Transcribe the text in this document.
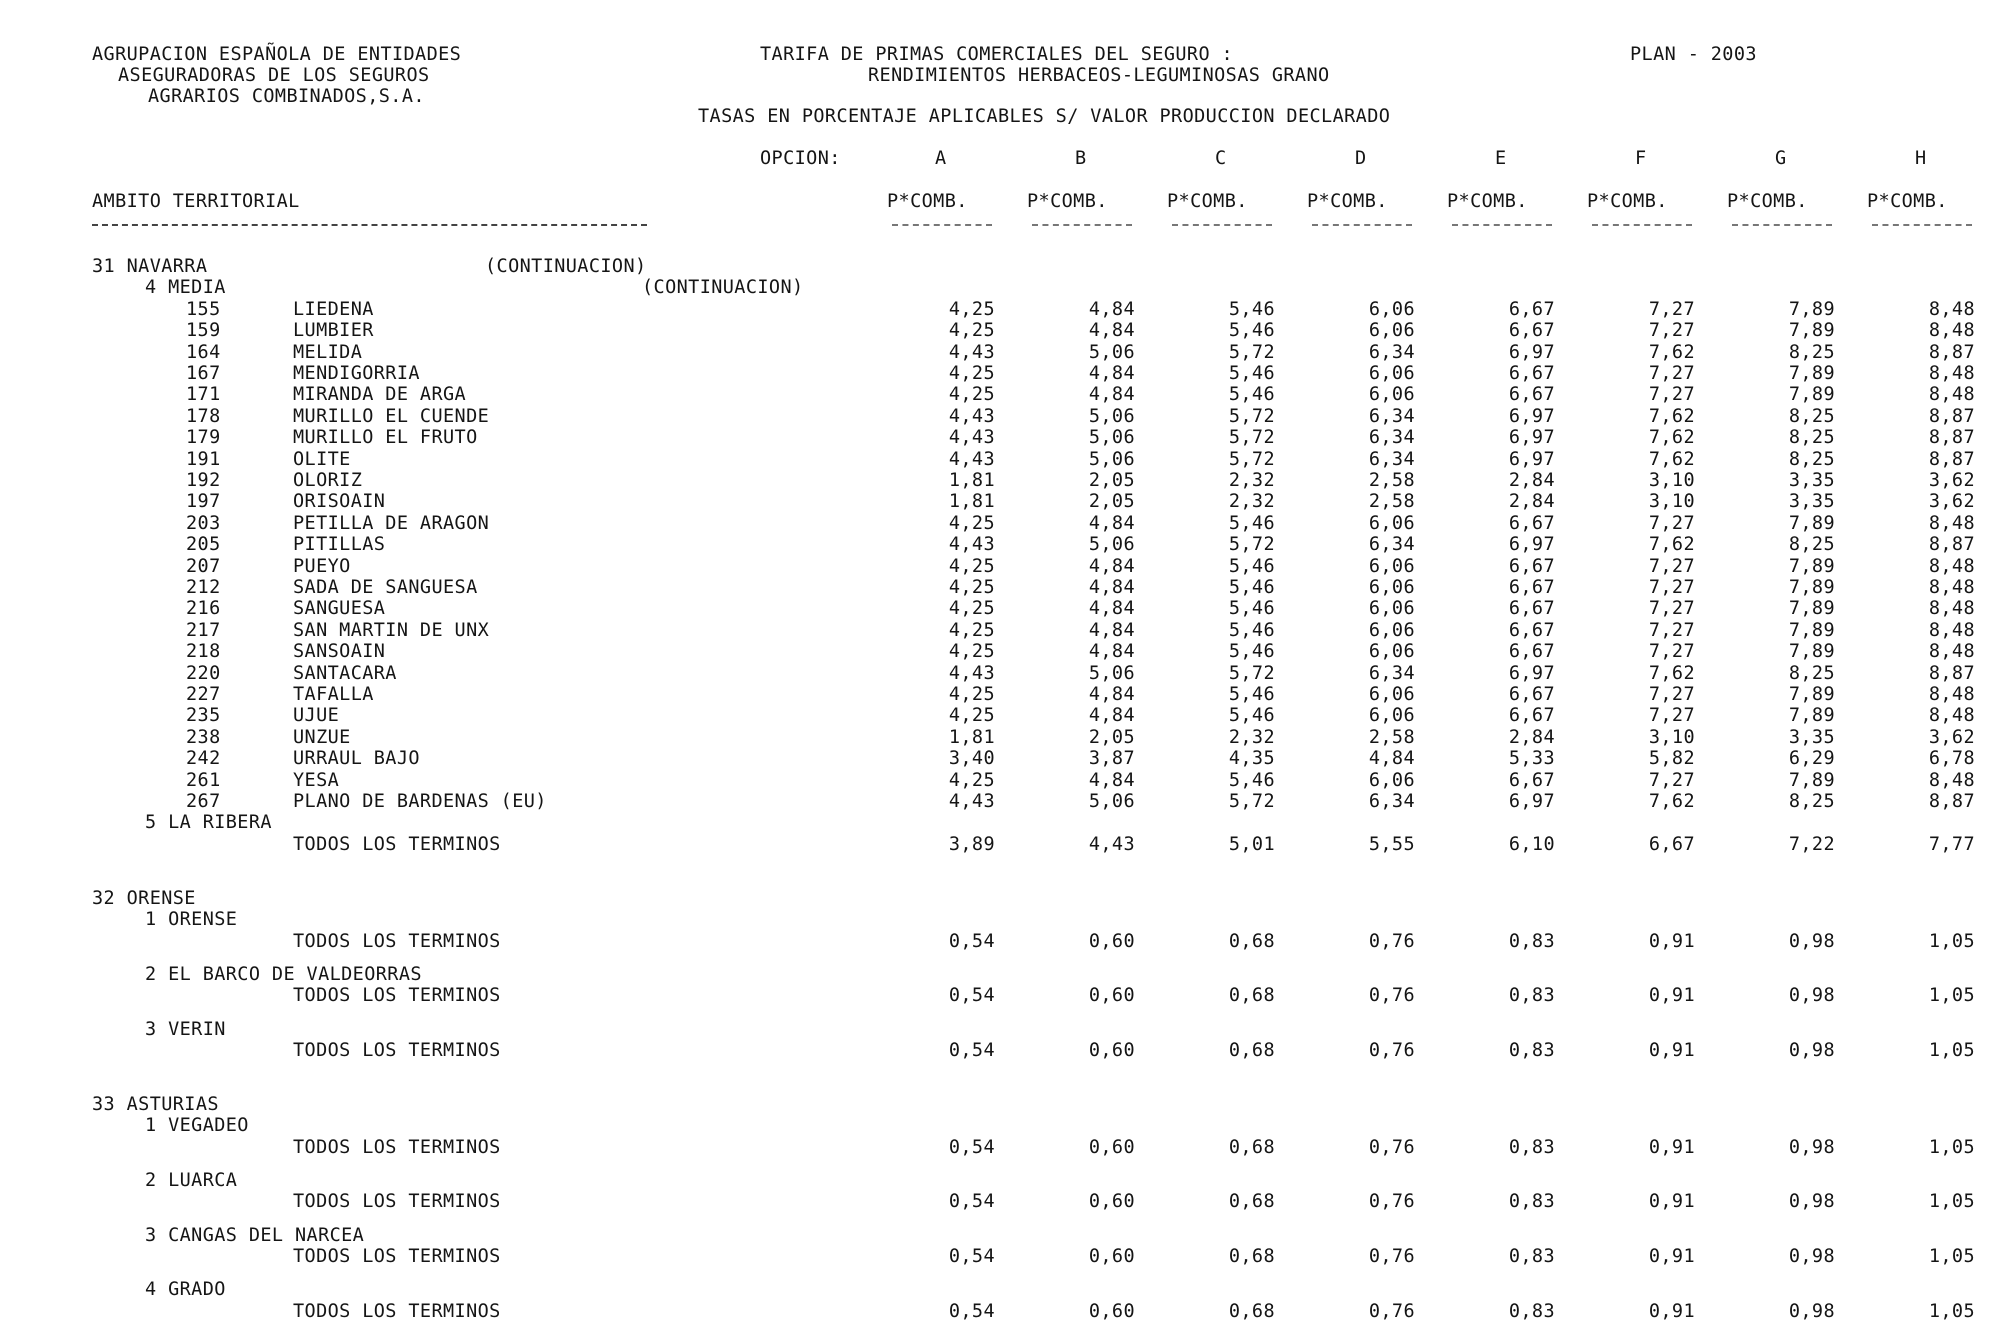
AGRUPACION ESPAÑOLA DE ENTIDADES
ASEGURADORAS DE LOS SEGUROS
AGRARIOS COMBINADOS,S.A.
TARIFA DE PRIMAS COMERCIALES DEL SEGURO :
RENDIMIENTOS HERBACEOS-LEGUMINOSAS GRANO
PLAN - 2003
TASAS EN PORCENTAJE APLICABLES S/ VALOR PRODUCCION DECLARADO
OPCION:	A	B	C	D	E	F	G	H
AMBITO TERRITORIAL	P*COMB.	P*COMB.	P*COMB.	P*COMB.	P*COMB.	P*COMB.	P*COMB.	P*COMB.
31 NAVARRA	(CONTINUACION)
4 MEDIA	(CONTINUACION)
155	LIEDENA	4,25	4,84	5,46	6,06	6,67	7,27	7,89	8,48
159	LUMBIER	4,25	4,84	5,46	6,06	6,67	7,27	7,89	8,48
164	MELIDA	4,43	5,06	5,72	6,34	6,97	7,62	8,25	8,87
167	MENDIGORRIA	4,25	4,84	5,46	6,06	6,67	7,27	7,89	8,48
171	MIRANDA DE ARGA	4,25	4,84	5,46	6,06	6,67	7,27	7,89	8,48
178	MURILLO EL CUENDE	4,43	5,06	5,72	6,34	6,97	7,62	8,25	8,87
179	MURILLO EL FRUTO	4,43	5,06	5,72	6,34	6,97	7,62	8,25	8,87
191	OLITE	4,43	5,06	5,72	6,34	6,97	7,62	8,25	8,87
192	OLORIZ	1,81	2,05	2,32	2,58	2,84	3,10	3,35	3,62
197	ORISOAIN	1,81	2,05	2,32	2,58	2,84	3,10	3,35	3,62
203	PETILLA DE ARAGON	4,25	4,84	5,46	6,06	6,67	7,27	7,89	8,48
205	PITILLAS	4,43	5,06	5,72	6,34	6,97	7,62	8,25	8,87
207	PUEYO	4,25	4,84	5,46	6,06	6,67	7,27	7,89	8,48
212	SADA DE SANGUESA	4,25	4,84	5,46	6,06	6,67	7,27	7,89	8,48
216	SANGUESA	4,25	4,84	5,46	6,06	6,67	7,27	7,89	8,48
217	SAN MARTIN DE UNX	4,25	4,84	5,46	6,06	6,67	7,27	7,89	8,48
218	SANSOAIN	4,25	4,84	5,46	6,06	6,67	7,27	7,89	8,48
220	SANTACARA	4,43	5,06	5,72	6,34	6,97	7,62	8,25	8,87
227	TAFALLA	4,25	4,84	5,46	6,06	6,67	7,27	7,89	8,48
235	UJUE	4,25	4,84	5,46	6,06	6,67	7,27	7,89	8,48
238	UNZUE	1,81	2,05	2,32	2,58	2,84	3,10	3,35	3,62
242	URRAUL BAJO	3,40	3,87	4,35	4,84	5,33	5,82	6,29	6,78
261	YESA	4,25	4,84	5,46	6,06	6,67	7,27	7,89	8,48
267	PLANO DE BARDENAS (EU)	4,43	5,06	5,72	6,34	6,97	7,62	8,25	8,87
5 LA RIBERA
TODOS LOS TERMINOS	3,89	4,43	5,01	5,55	6,10	6,67	7,22	7,77
32 ORENSE
1 ORENSE
TODOS LOS TERMINOS	0,54	0,60	0,68	0,76	0,83	0,91	0,98	1,05
2 EL BARCO DE VALDEORRAS
TODOS LOS TERMINOS	0,54	0,60	0,68	0,76	0,83	0,91	0,98	1,05
3 VERIN
TODOS LOS TERMINOS	0,54	0,60	0,68	0,76	0,83	0,91	0,98	1,05
33 ASTURIAS
1 VEGADEO
TODOS LOS TERMINOS	0,54	0,60	0,68	0,76	0,83	0,91	0,98	1,05
2 LUARCA
TODOS LOS TERMINOS	0,54	0,60	0,68	0,76	0,83	0,91	0,98	1,05
3 CANGAS DEL NARCEA
TODOS LOS TERMINOS	0,54	0,60	0,68	0,76	0,83	0,91	0,98	1,05
4 GRADO
TODOS LOS TERMINOS	0,54	0,60	0,68	0,76	0,83	0,91	0,98	1,05
